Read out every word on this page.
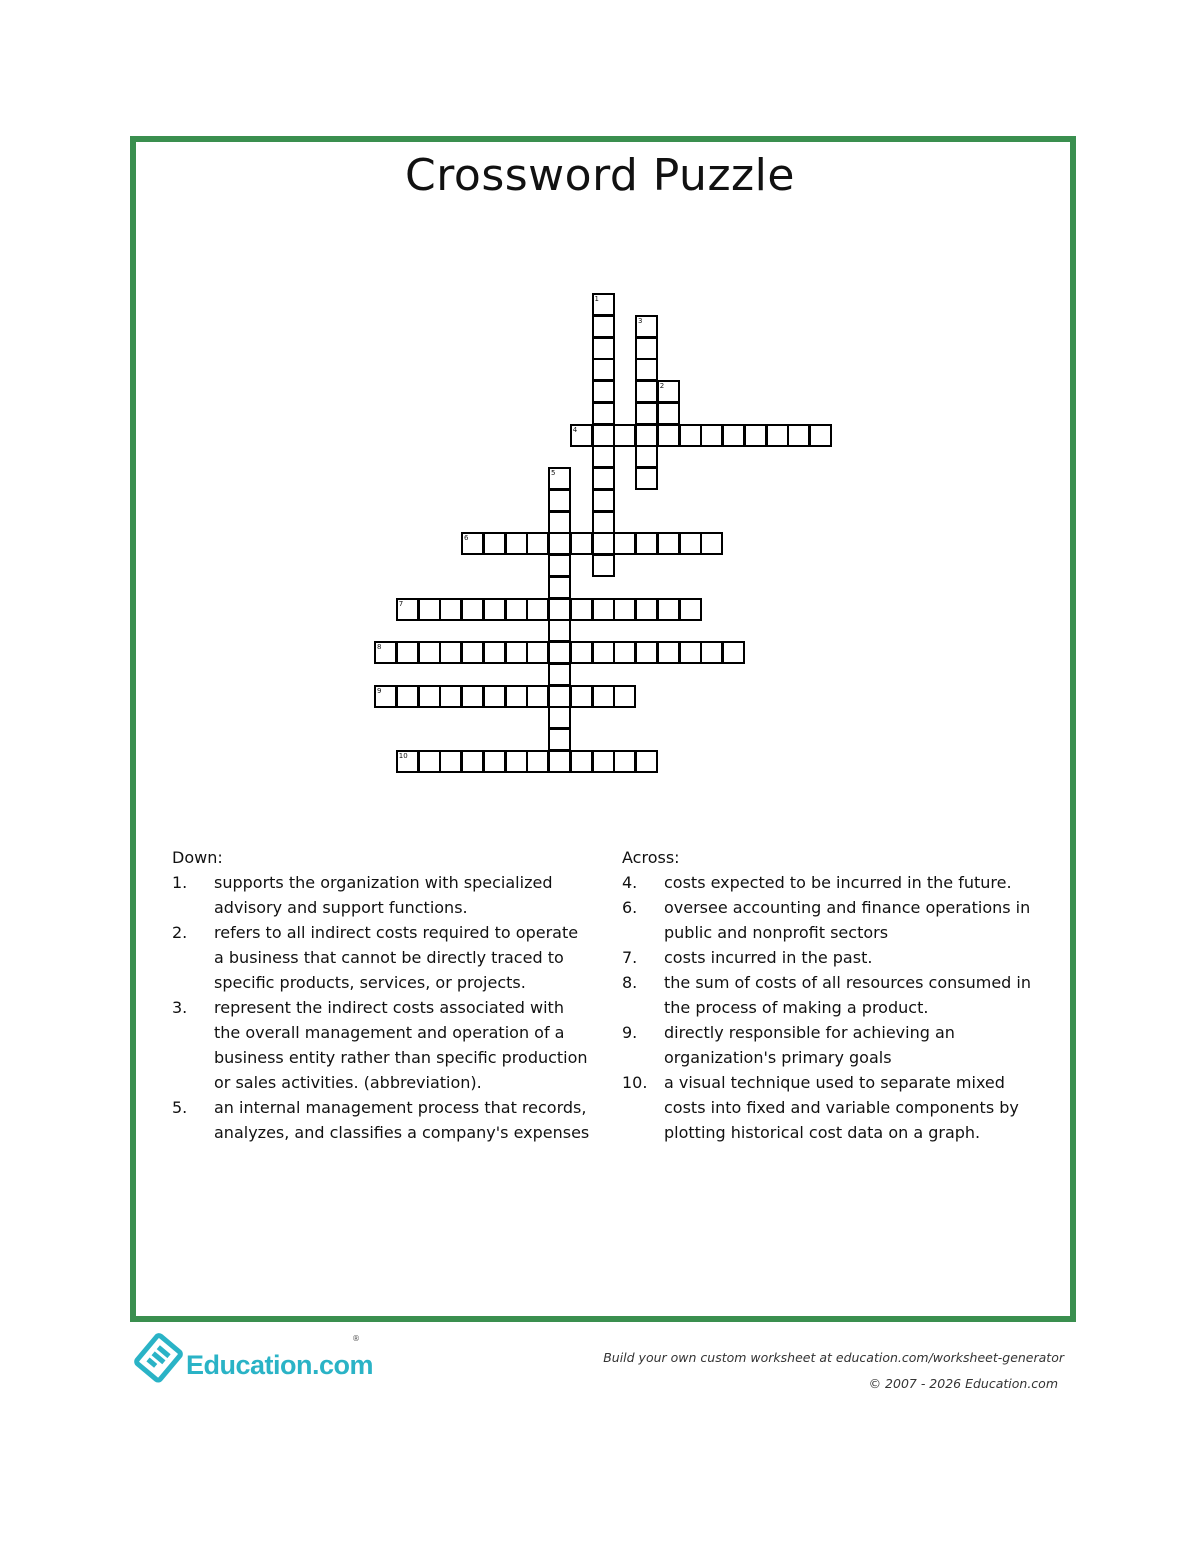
Crossword Puzzle
1
2
3
4
5
6
7
8
9
10
Down:
1. supports the organization with specialized advisory and support functions.
2. refers to all indirect costs required to operate a business that cannot be directly traced to specific products, services, or projects.
3. represent the indirect costs associated with the overall management and operation of a business entity rather than specific production or sales activities. (abbreviation).
5. an internal management process that records, analyzes, and classifies a company's expenses
Across:
4. costs expected to be incurred in the future.
6. oversee accounting and finance operations in public and nonprofit sectors
7. costs incurred in the past.
8. the sum of costs of all resources consumed in the process of making a product.
9. directly responsible for achieving an organization's primary goals
10. a visual technique used to separate mixed costs into fixed and variable components by plotting historical cost data on a graph.
Education.com
®
Build your own custom worksheet at education.com/worksheet-generator
© 2007 - 2026 Education.com
